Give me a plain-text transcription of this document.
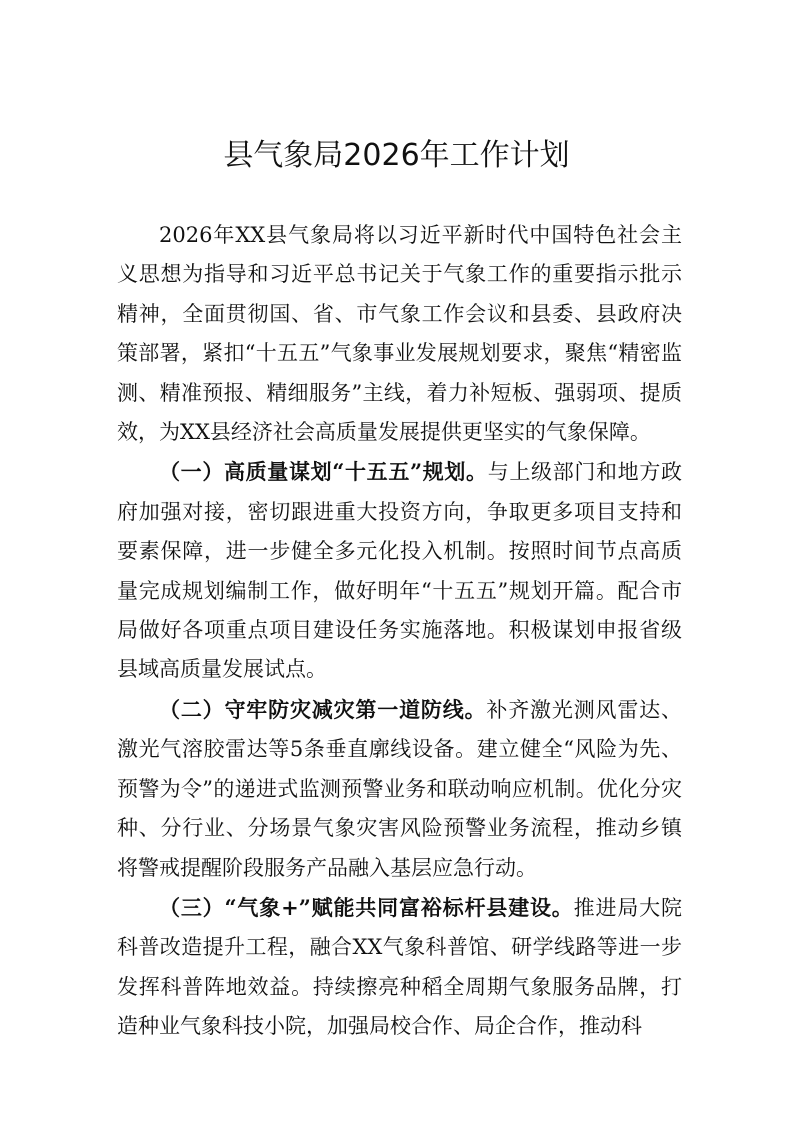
县气象局2026年工作计划

2026年XX县气象局将以习近平新时代中国特色社会主义思想为指导和习近平总书记关于气象工作的重要指示批示精神，全面贯彻国、省、市气象工作会议和县委、县政府决策部署，紧扣“十五五”气象事业发展规划要求，聚焦“精密监测、精准预报、精细服务”主线，着力补短板、强弱项、提质效，为XX县经济社会高质量发展提供更坚实的气象保障。

（一）高质量谋划“十五五”规划。与上级部门和地方政府加强对接，密切跟进重大投资方向，争取更多项目支持和要素保障，进一步健全多元化投入机制。按照时间节点高质量完成规划编制工作，做好明年“十五五”规划开篇。配合市局做好各项重点项目建设任务实施落地。积极谋划申报省级县域高质量发展试点。

（二）守牢防灾减灾第一道防线。补齐激光测风雷达、激光气溶胶雷达等5条垂直廓线设备。建立健全“风险为先、预警为令”的递进式监测预警业务和联动响应机制。优化分灾种、分行业、分场景气象灾害风险预警业务流程，推动乡镇将警戒提醒阶段服务产品融入基层应急行动。

（三）“气象+”赋能共同富裕标杆县建设。推进局大院科普改造提升工程，融合XX气象科普馆、研学线路等进一步发挥科普阵地效益。持续擦亮种稻全周期气象服务品牌，打造种业气象科技小院，加强局校合作、局企合作，推动科
